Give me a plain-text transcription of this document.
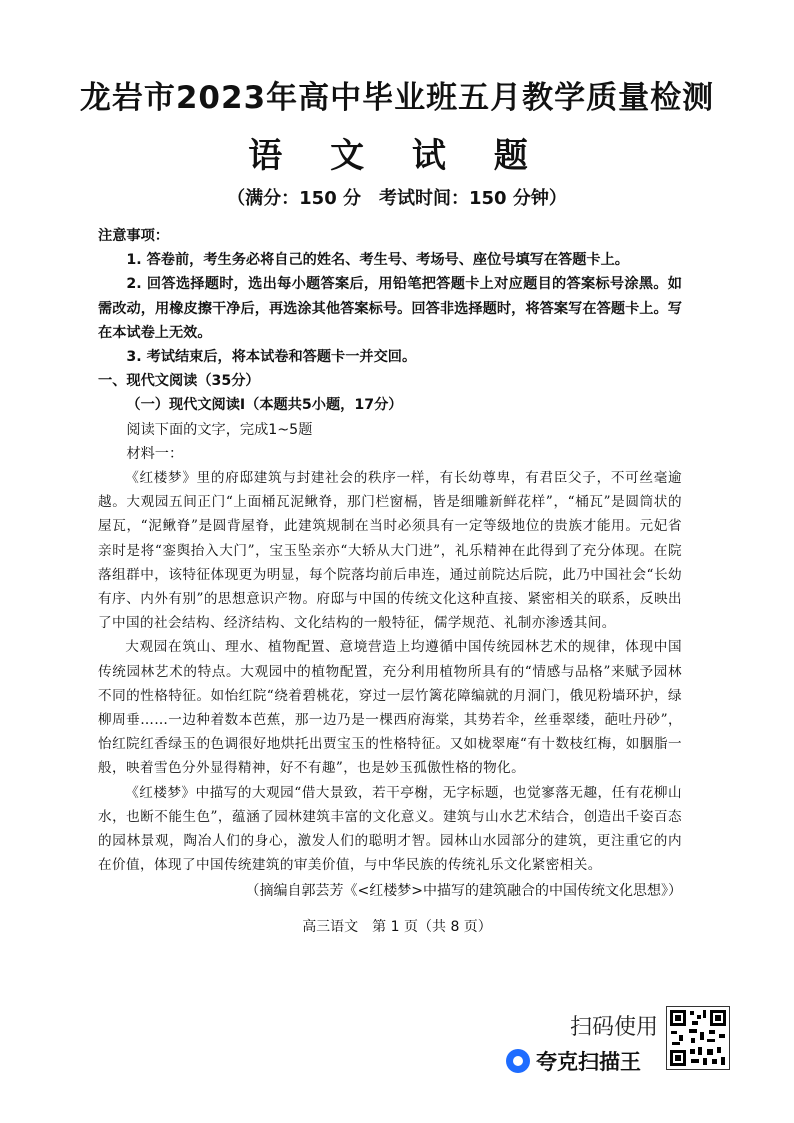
龙岩市2023年高中毕业班五月教学质量检测
语 文 试 题
（满分：150 分　考试时间：150 分钟）

注意事项：

1. 答卷前，考生务必将自己的姓名、考生号、考场号、座位号填写在答题卡上。

2. 回答选择题时，选出每小题答案后，用铅笔把答题卡上对应题目的答案标号涂黑。如需改动，用橡皮擦干净后，再选涂其他答案标号。回答非选择题时，将答案写在答题卡上。写在本试卷上无效。

3. 考试结束后，将本试卷和答题卡一并交回。

一、现代文阅读（35分）

（一）现代文阅读Ⅰ（本题共5小题，17分）

阅读下面的文字，完成1~5题

材料一：

《红楼梦》里的府邸建筑与封建社会的秩序一样，有长幼尊卑，有君臣父子，不可丝毫逾越。大观园五间正门“上面桶瓦泥鳅脊，那门栏窗槅，皆是细雕新鲜花样”，“桶瓦”是圆筒状的屋瓦，“泥鳅脊”是圆背屋脊，此建筑规制在当时必须具有一定等级地位的贵族才能用。元妃省亲时是将“銮舆抬入大门”，宝玉坠亲亦“大轿从大门进”，礼乐精神在此得到了充分体现。在院落组群中，该特征体现更为明显，每个院落均前后串连，通过前院达后院，此乃中国社会“长幼有序、内外有别”的思想意识产物。府邸与中国的传统文化这种直接、紧密相关的联系，反映出了中国的社会结构、经济结构、文化结构的一般特征，儒学规范、礼制亦渗透其间。

大观园在筑山、理水、植物配置、意境营造上均遵循中国传统园林艺术的规律，体现中国传统园林艺术的特点。大观园中的植物配置，充分利用植物所具有的“情感与品格”来赋予园林不同的性格特征。如怡红院“绕着碧桃花，穿过一层竹篱花障编就的月洞门，俄见粉墙环护，绿柳周垂……一边种着数本芭蕉，那一边乃是一棵西府海棠，其势若伞，丝垂翠缕，葩吐丹砂”，怡红院红香绿玉的色调很好地烘托出贾宝玉的性格特征。又如栊翠庵“有十数枝红梅，如胭脂一般，映着雪色分外显得精神，好不有趣”，也是妙玉孤傲性格的物化。

《红楼梦》中描写的大观园“借大景致，若干亭榭，无字标题，也觉寥落无趣，任有花柳山水，也断不能生色”，蕴涵了园林建筑丰富的文化意义。建筑与山水艺术结合，创造出千姿百态的园林景观，陶冶人们的身心，激发人们的聪明才智。园林山水园部分的建筑，更注重它的内在价值，体现了中国传统建筑的审美价值，与中华民族的传统礼乐文化紧密相关。

（摘编自郭芸芳《<红楼梦>中描写的建筑融合的中国传统文化思想》）

高三语文　第 1 页（共 8 页）
扫码使用
夸克扫描王
